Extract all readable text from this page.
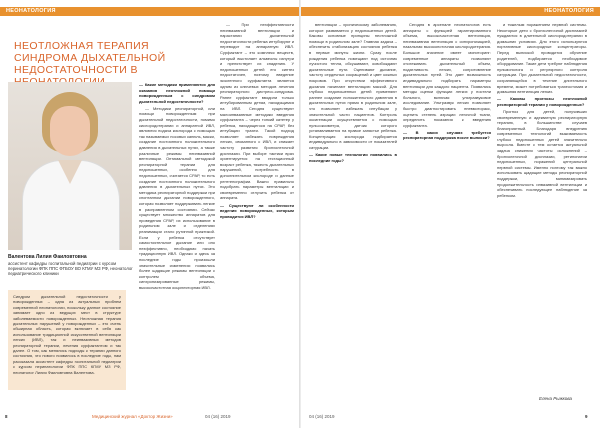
НЕОНАТОЛОГИЯ
НЕОТЛОЖНАЯ ТЕРАПИЯ СИНДРОМА ДЫХАТЕЛЬНОЙ НЕДОСТАТОЧНОСТИ В
Валентова Лилия Фаиловтовна
ассистент кафедры госпитальной педиатрии с курсом перинатологии ФПК ППС ФГБОУ ВО КГМУ МЗ РФ, неонатолог педиатрического клиники
Синдром дыхательной недостаточности у новорожденных – одна из актуальных проблем современной неонатологии, поскольку данное состояние занимает одно из ведущих мест в структуре заболеваемости новорожденных. Неотложная терапия дыхательных нарушений у новорожденных – это очень обширная область, которая включает в себя как использование традиционной искусственной вентиляции легких (ИВЛ), так и неинвазивных методов респираторной терапии, лечения сурфактантом и так далее. О том, как менялись подходы к терапии данного состояния, что нового появилось в последние годы, нам рассказала ассистент кафедры госпитальной педиатрии с курсом перинатологии ФПК ППС КГМУ МЗ РФ, неонатолог Лилия Фаиловтовна Валентова.

— Какие методики применяются для оказания неотложной помощи новорожденным с синдромом дыхательной недостаточности?

— Методики респираторной, или помощи новорожденным при дыхательной недостаточности, помимо кислородотерапии и аппаратной ИВЛ, являются подача кислорода с помощью так называемых носовых канюль, маски, создание постоянного положительного давления в дыхательных путях, а также различные режимы неинвазивной вентиляции. Оптимальной методикой респираторной терапии для недоношенных, особенно для недоношенных, считается СРАР, то есть создание постоянного положительного давления в дыхательных путях. Это методика респираторной поддержки при спонтанном дыхании новорожденного, которая позволяет поддерживать легкие в расправленном состоянии. Сейчас существует множество аппаратов для проведения СРАР, их использование в родильном зале и отделениях реанимации стало рутинной практикой. Если у ребенка отсутствует самостоятельное дыхание или оно неэффективно, необходимо начать традиционную ИВЛ. Однако и здесь за последние годы произошли значительные изменения: появились более щадящие режимы вентиляции с контролем объема, синхронизированные режимы, высокочастотная осцилляторная ИВЛ.

— При неэффективности неинвазивной вентиляции и нарастании дыхательной недостаточности ребенка интубируют и переводят на аппаратную ИВЛ. Сурфактант – это комплекс веществ, который выстилает альвеолы изнутри и препятствует их спадению. У недоношенных детей его синтез недостаточен, поэтому введение экзогенного сурфактанта является одним из ключевых методов лечения респираторного дистресс-синдрома. Ранее сурфактант вводили только интубированным детям, находящимся на ИВЛ. Сегодня существуют малоинвазивные методики введения сурфактанта – через тонкий катетер у ребенка, находящегося на СРАР, без интубации трахеи. Такой подход позволяет избежать повреждения легких, связанного с ИВЛ, и снижает частоту развития бронхолегочной дисплазии. При выборе тактики врач ориентируется на гестационный возраст ребенка, тяжесть дыхательных нарушений, потребность в дополнительном кислороде и данные рентгенографии. Важно правильно подобрать параметры вентиляции и своевременно отлучить ребенка от аппарата.

— Существуют ли особенности ведения новорожденных, которым проводится ИВЛ?

8	Медицинский журнал «Доктор Жизни»	04 (16) 2019
НЕОНАТОЛОГИЯ

вентиляции – хроническому заболеванию, которое развивается у недоношенных детей. Каковы основные принципы неотложной помощи в родильном зале? Главная задача – обеспечить стабилизацию состояния ребенка в первые минуты жизни. Сразу после рождения ребенка помещают под источник лучистого тепла, обсушивают, освобождают дыхательные пути. Оценивают дыхание, частоту сердечных сокращений и цвет кожных покровов. При отсутствии эффективного дыхания начинают вентиляцию маской. Для глубоко недоношенных детей применяют раннее создание положительного давления в дыхательных путях прямо в родильном зале, что позволяет избежать интубации у значительной части пациентов. Контроль оксигенации осуществляется с помощью пульсоксиметра, датчик которого устанавливается на правое запястье ребенка. Концентрация кислорода подбирается индивидуально в зависимости от показателей сатурации.

— Какие новые технологии появились в последние годы?

Сегодня в арсенале неонатологов есть аппараты с функцией гарантированного объема, высокочастотная вентиляция, неинвазивная вентиляция с синхронизацией, назальная высокопоточная кислородотерапия. Большое значение имеет мониторинг: современные аппараты позволяют отслеживать дыхательный объем, податливость легких, сопротивление дыхательных путей. Это дает возможность индивидуально подбирать параметры вентиляции для каждого пациента. Появились методы оценки функции легких у постели больного, включая ультразвуковое исследование. Ультразвук легких позволяет быстро диагностировать пневмоторакс, оценить степень аэрации легочной ткани, определить показания к введению сурфактанта.

— В каких случаях требуется респираторная поддержка после выписки?

и тяжелым поражением нервной системы. Некоторые дети с бронхолегочной дисплазией нуждаются в длительной кислородотерапии в домашних условиях. Для этого используются портативные кислородные концентраторы. Перед выпиской проводится обучение родителей, подбирается необходимое оборудование. Такие дети требуют наблюдения пульмонолога и регулярного контроля сатурации. При дыхательной недостаточности, сохраняющейся в течение длительного времени, может потребоваться трахеостомия и домашняя вентиляция легких.

— Каковы прогнозы неотложной респираторной терапии у новорожденных?

Прогноз для детей, получивших своевременную и адекватную респираторную терапию, в большинстве случаев благоприятный. Благодаря внедрению современных технологий выживаемость глубоко недоношенных детей значительно выросла. Вместе с тем остается актуальной задача снижения частоты осложнений – бронхолегочной дисплазии, ретинопатии недоношенных, поражений центральной нервной системы. Именно поэтому так важно использовать щадящие методы респираторной поддержки, минимизировать продолжительность инвазивной вентиляции и обеспечивать последующее наблюдение за ребенком.

Елена Рыжкова
04 (16) 2019	9
